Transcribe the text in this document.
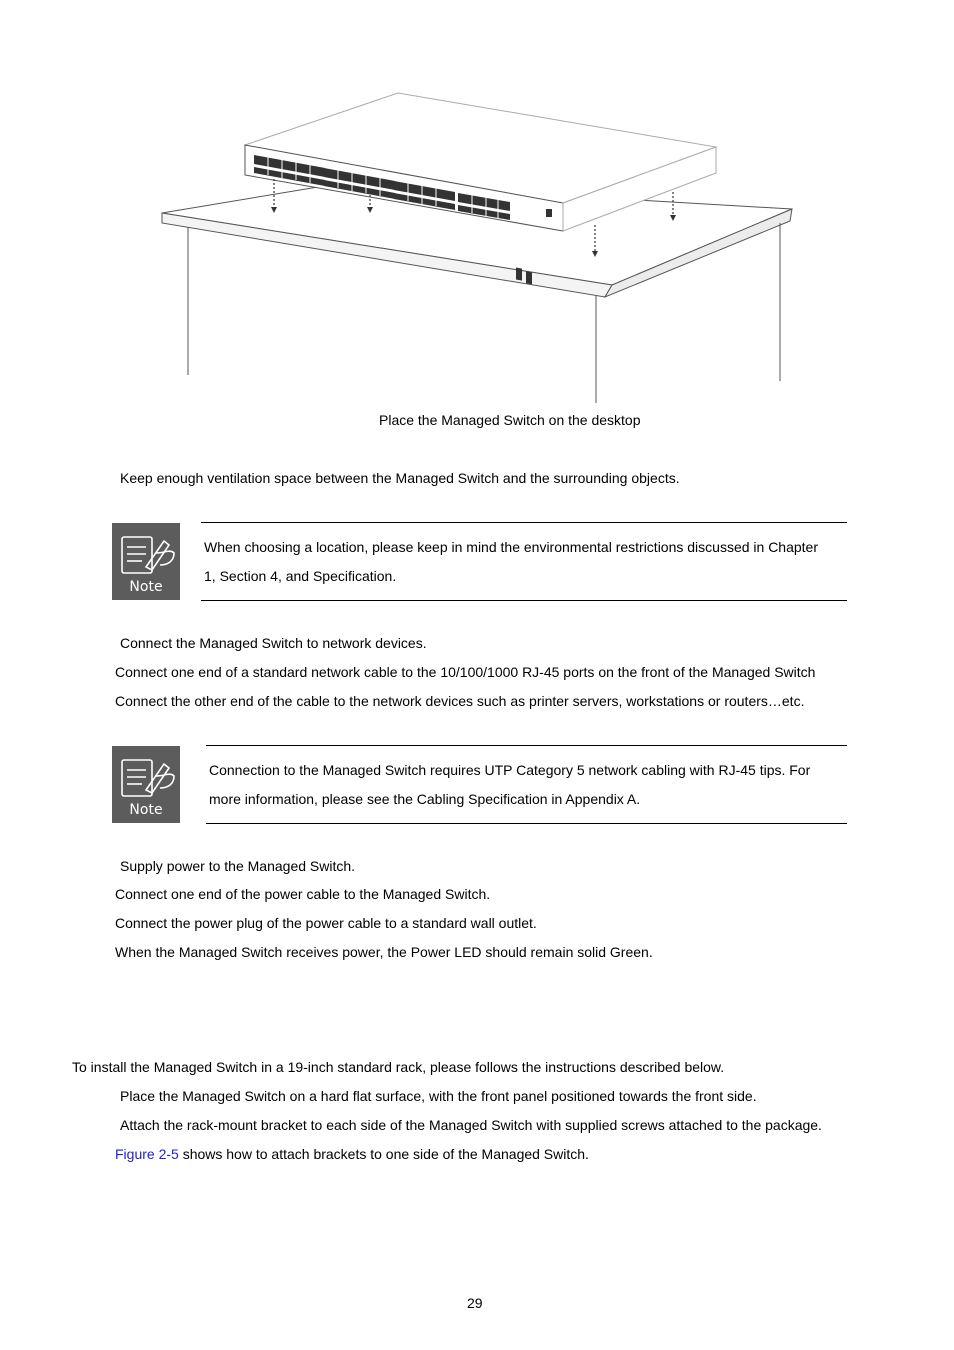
Place the Managed Switch on the desktop
Keep enough ventilation space between the Managed Switch and the surrounding objects.
Note
When choosing a location, please keep in mind the environmental restrictions discussed in Chapter
1, Section 4, and Specification.
Connect the Managed Switch to network devices.
Connect one end of a standard network cable to the 10/100/1000 RJ-45 ports on the front of the Managed Switch
Connect the other end of the cable to the network devices such as printer servers, workstations or routers…etc.
Note
Connection to the Managed Switch requires UTP Category 5 network cabling with RJ-45 tips. For
more information, please see the Cabling Specification in Appendix A.
Supply power to the Managed Switch.
Connect one end of the power cable to the Managed Switch.
Connect the power plug of the power cable to a standard wall outlet.
When the Managed Switch receives power, the Power LED should remain solid Green.
To install the Managed Switch in a 19-inch standard rack, please follows the instructions described below.
Place the Managed Switch on a hard flat surface, with the front panel positioned towards the front side.
Attach the rack-mount bracket to each side of the Managed Switch with supplied screws attached to the package.
Figure 2-5 shows how to attach brackets to one side of the Managed Switch.
29
